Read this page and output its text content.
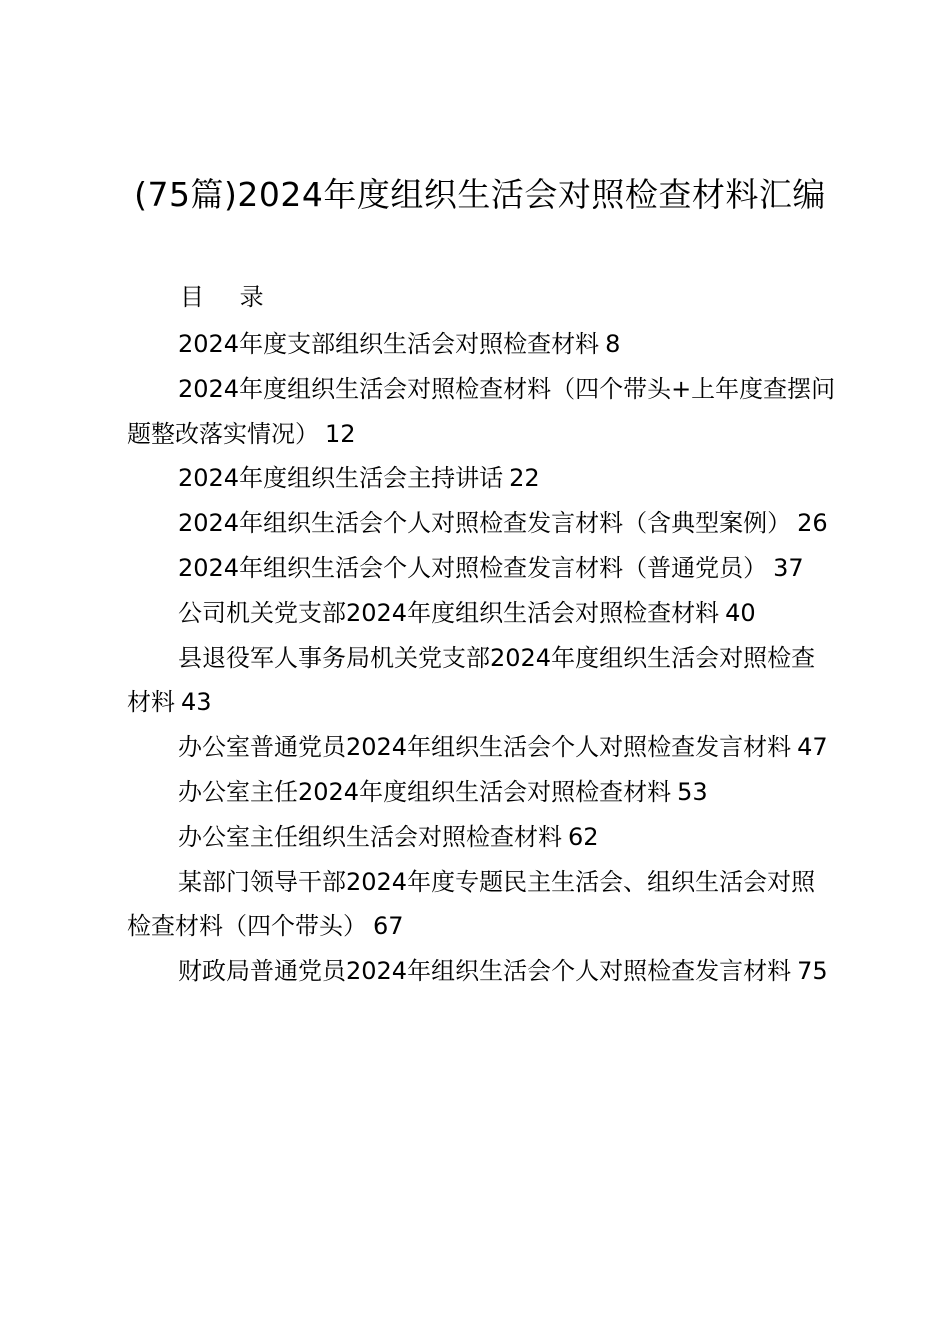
(75篇)2024年度组织生活会对照检查材料汇编
目 录
2024年度支部组织生活会对照检查材料 8
2024年度组织生活会对照检查材料（四个带头+上年度查摆问题整改落实情况） 12
2024年度组织生活会主持讲话 22
2024年组织生活会个人对照检查发言材料（含典型案例） 26
2024年组织生活会个人对照检查发言材料（普通党员） 37
公司机关党支部2024年度组织生活会对照检查材料 40
县退役军人事务局机关党支部2024年度组织生活会对照检查材料 43
办公室普通党员2024年组织生活会个人对照检查发言材料 47
办公室主任2024年度组织生活会对照检查材料 53
办公室主任组织生活会对照检查材料 62
某部门领导干部2024年度专题民主生活会、组织生活会对照检查材料（四个带头） 67
财政局普通党员2024年组织生活会个人对照检查发言材料 75
